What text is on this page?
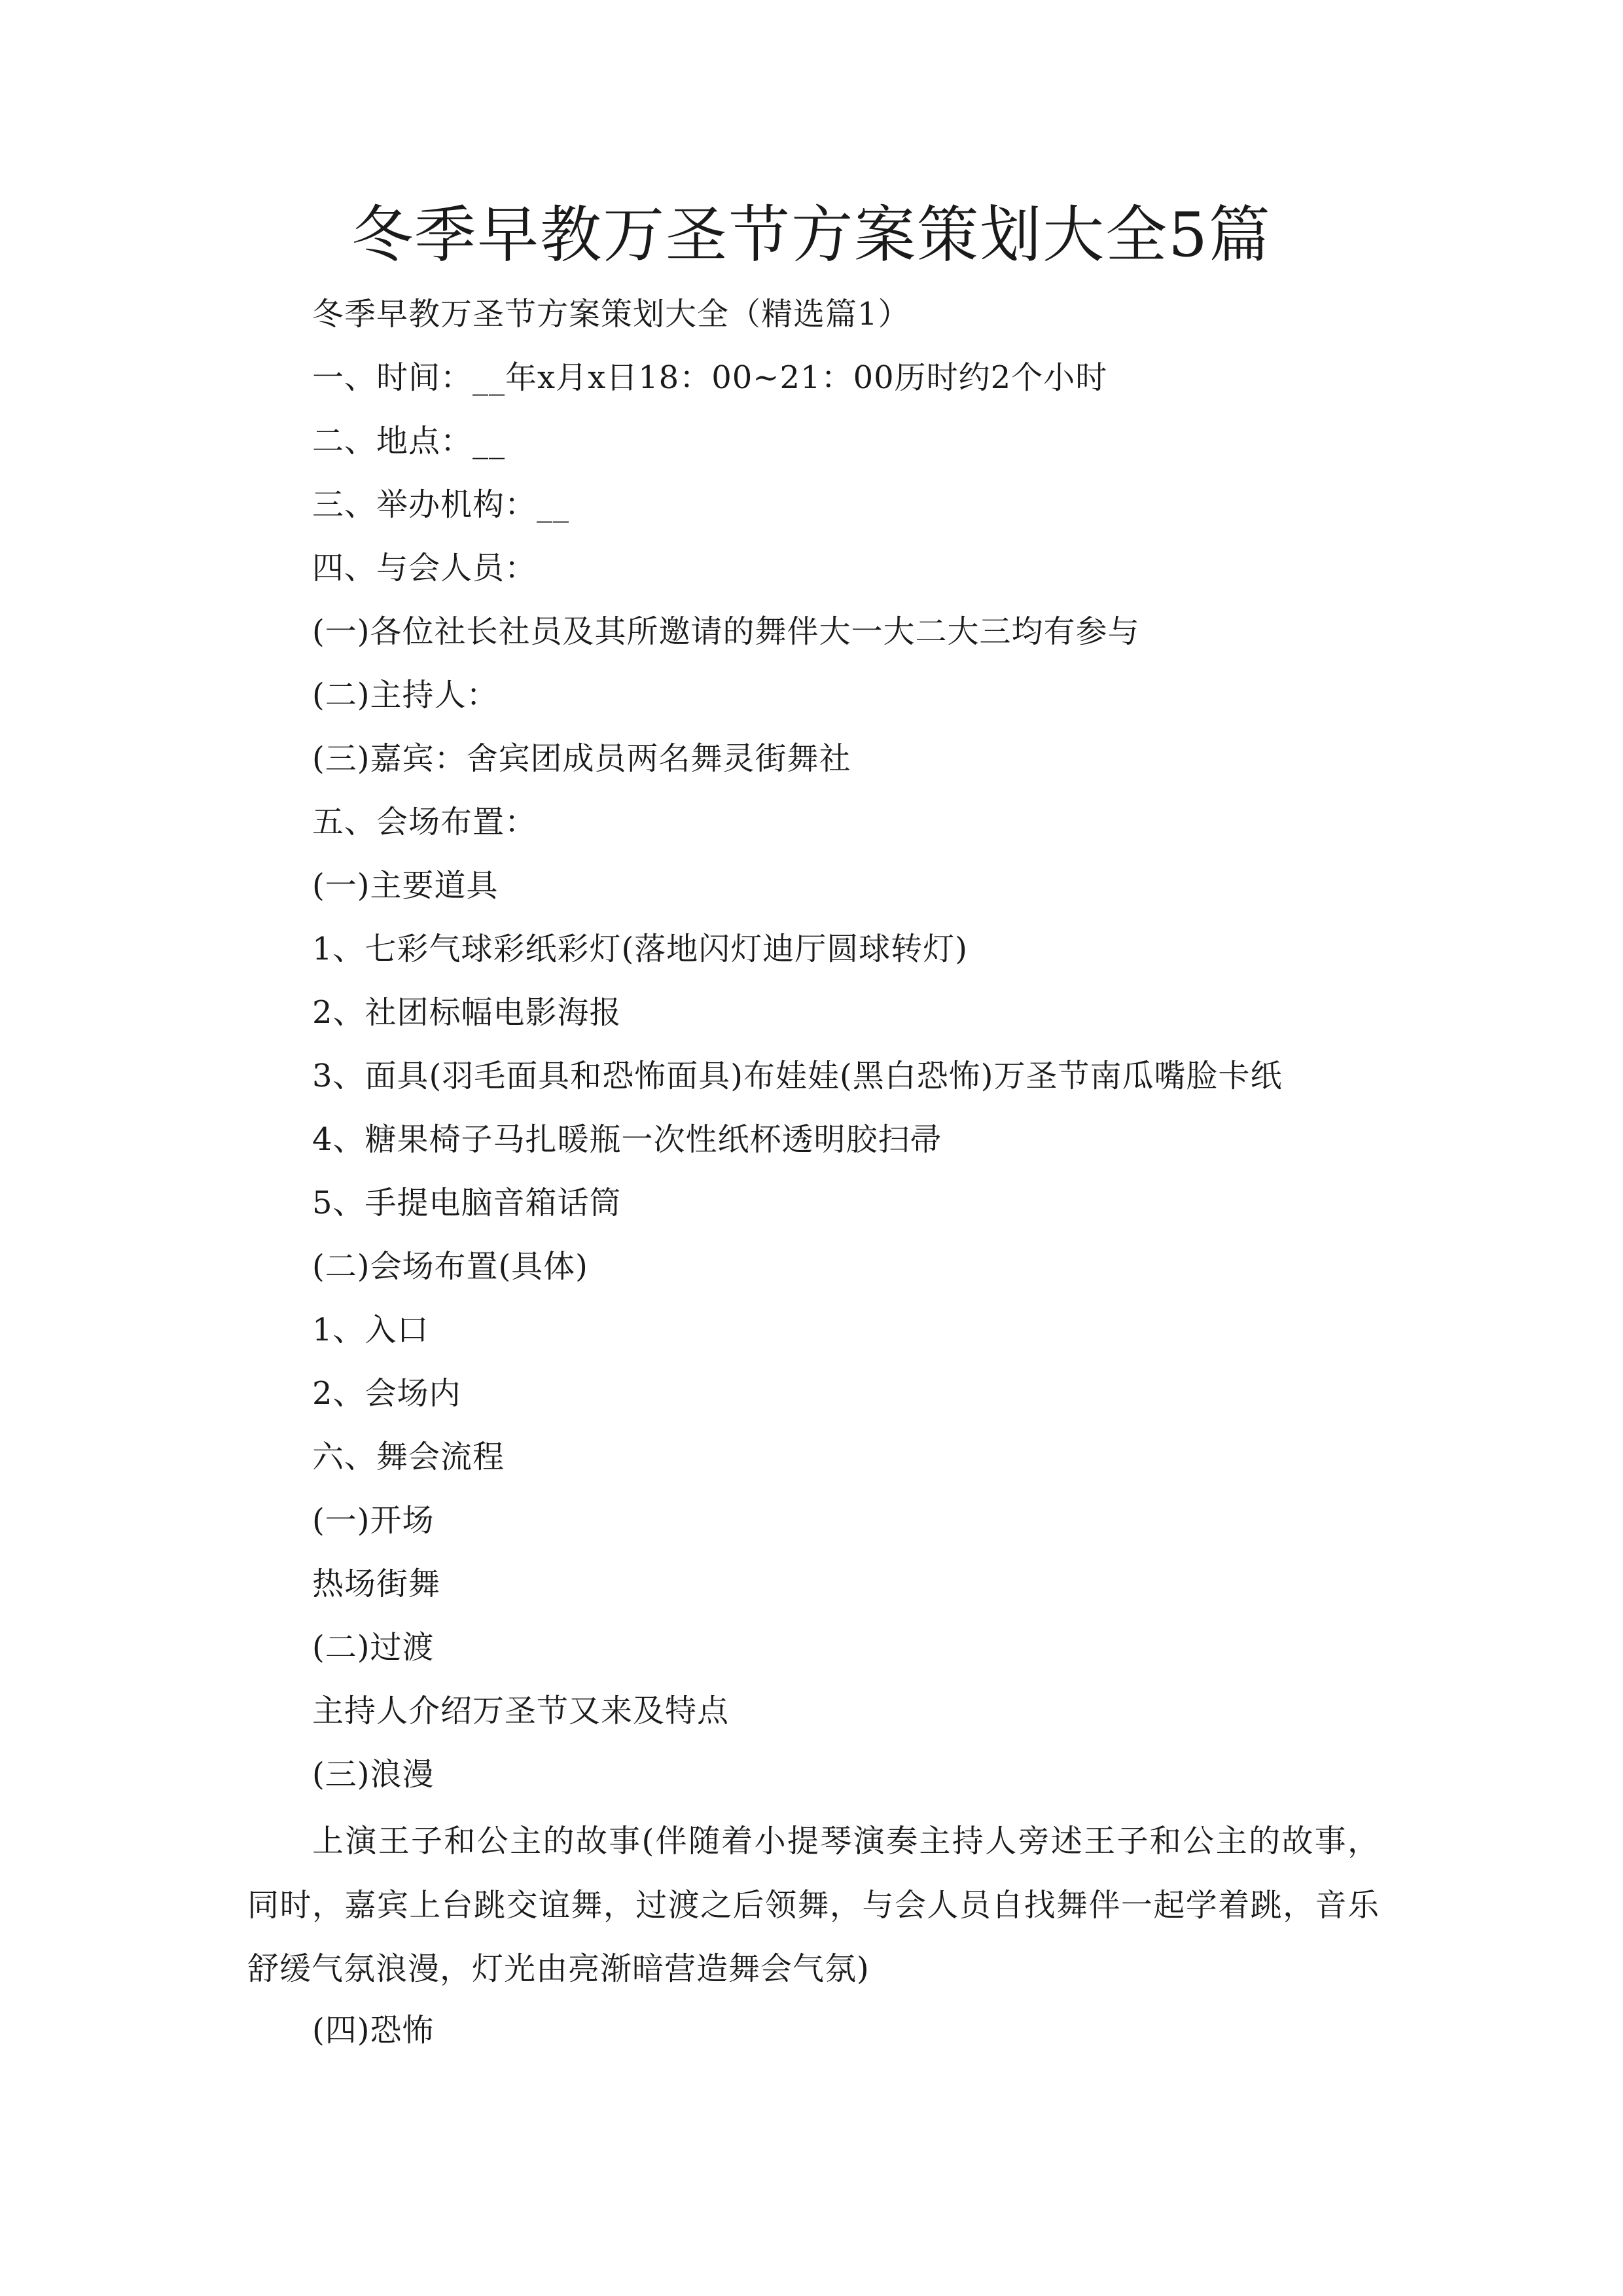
冬季早教万圣节方案策划大全5篇
冬季早教万圣节方案策划大全（精选篇1）
一、时间：__年x月x日18：00~21：00历时约2个小时
二、地点：__
三、举办机构：__
四、与会人员：
(一)各位社长社员及其所邀请的舞伴大一大二大三均有参与
(二)主持人：
(三)嘉宾：舍宾团成员两名舞灵街舞社
五、会场布置：
(一)主要道具
1、七彩气球彩纸彩灯(落地闪灯迪厅圆球转灯)
2、社团标幅电影海报
3、面具(羽毛面具和恐怖面具)布娃娃(黑白恐怖)万圣节南瓜嘴脸卡纸
4、糖果椅子马扎暖瓶一次性纸杯透明胶扫帚
5、手提电脑音箱话筒
(二)会场布置(具体)
1、入口
2、会场内
六、舞会流程
(一)开场
热场街舞
(二)过渡
主持人介绍万圣节又来及特点
(三)浪漫
上演王子和公主的故事(伴随着小提琴演奏主持人旁述王子和公主的故事，同时，嘉宾上台跳交谊舞，过渡之后领舞，与会人员自找舞伴一起学着跳，音乐舒缓气氛浪漫，灯光由亮渐暗营造舞会气氛)
(四)恐怖
